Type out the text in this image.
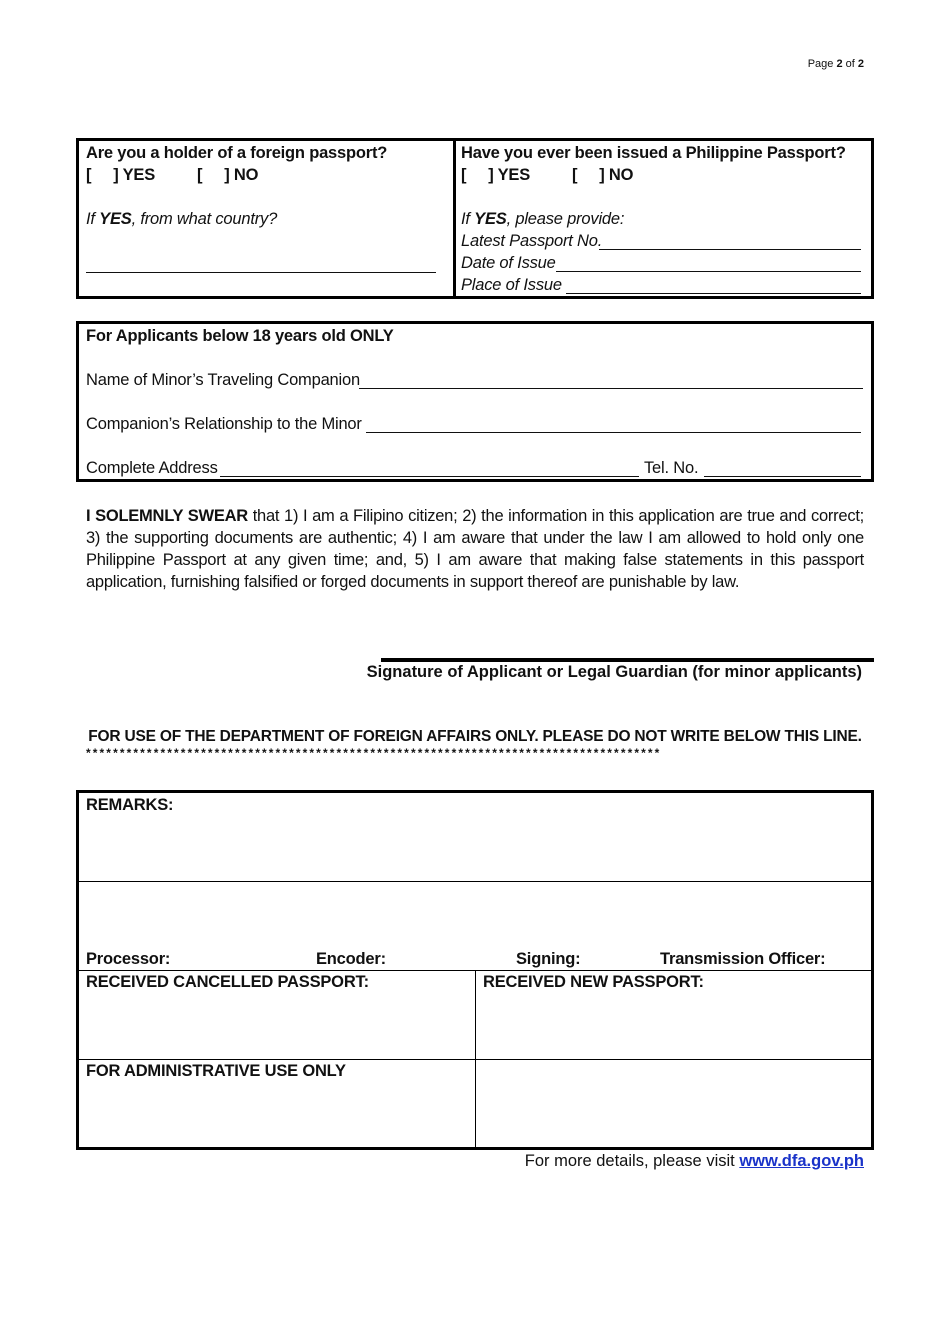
Page 2 of 2
Are you a holder of a foreign passport?
[     ] YES	[     ] NO
If YES, from what country?
Have you ever been issued a Philippine Passport?
[     ] YES	[     ] NO
If YES, please provide:
Latest Passport No.
Date of Issue
Place of Issue
For Applicants below 18 years old ONLY
Name of Minor’s Traveling Companion
Companion’s Relationship to the Minor
Complete Address	Tel. No.
I SOLEMNLY SWEAR that 1) I am a Filipino citizen; 2) the information in this application are true and correct; 3) the supporting documents are authentic; 4) I am aware that under the law I am allowed to hold only one Philippine Passport at any given time; and, 5) I am aware that making false statements in this passport application, furnishing falsified or forged documents in support thereof are punishable by law.
Signature of Applicant or Legal Guardian (for minor applicants)
FOR USE OF THE DEPARTMENT OF FOREIGN AFFAIRS ONLY. PLEASE DO NOT WRITE BELOW THIS LINE.
*************************************************************************************
REMARKS:
Processor:	Encoder:	Signing:	Transmission Officer:
RECEIVED CANCELLED PASSPORT:	RECEIVED NEW PASSPORT:
FOR ADMINISTRATIVE USE ONLY
For more details, please visit www.dfa.gov.ph
